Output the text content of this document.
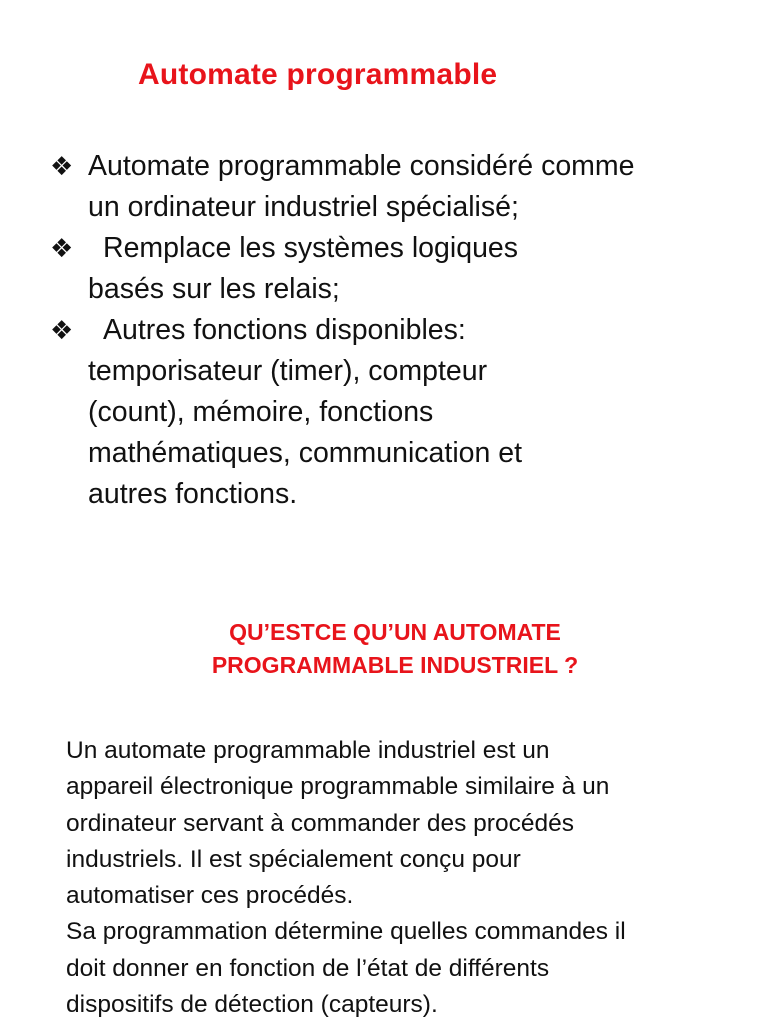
Automate programmable
❖ Automate programmable considéré comme
un ordinateur industriel spécialisé;
❖	Remplace les systèmes logiques
basés sur les relais;
❖	Autres fonctions disponibles:
temporisateur (timer), compteur
(count), mémoire, fonctions
mathématiques, communication et
autres fonctions.
QU’ESTCE QU’UN AUTOMATE
PROGRAMMABLE INDUSTRIEL ?
Un automate programmable industriel est un
appareil électronique programmable similaire à un
ordinateur servant à commander des procédés
industriels. Il est spécialement conçu pour
automatiser ces procédés.
Sa programmation détermine quelles commandes il
doit donner en fonction de l’état de différents
dispositifs de détection (capteurs).
